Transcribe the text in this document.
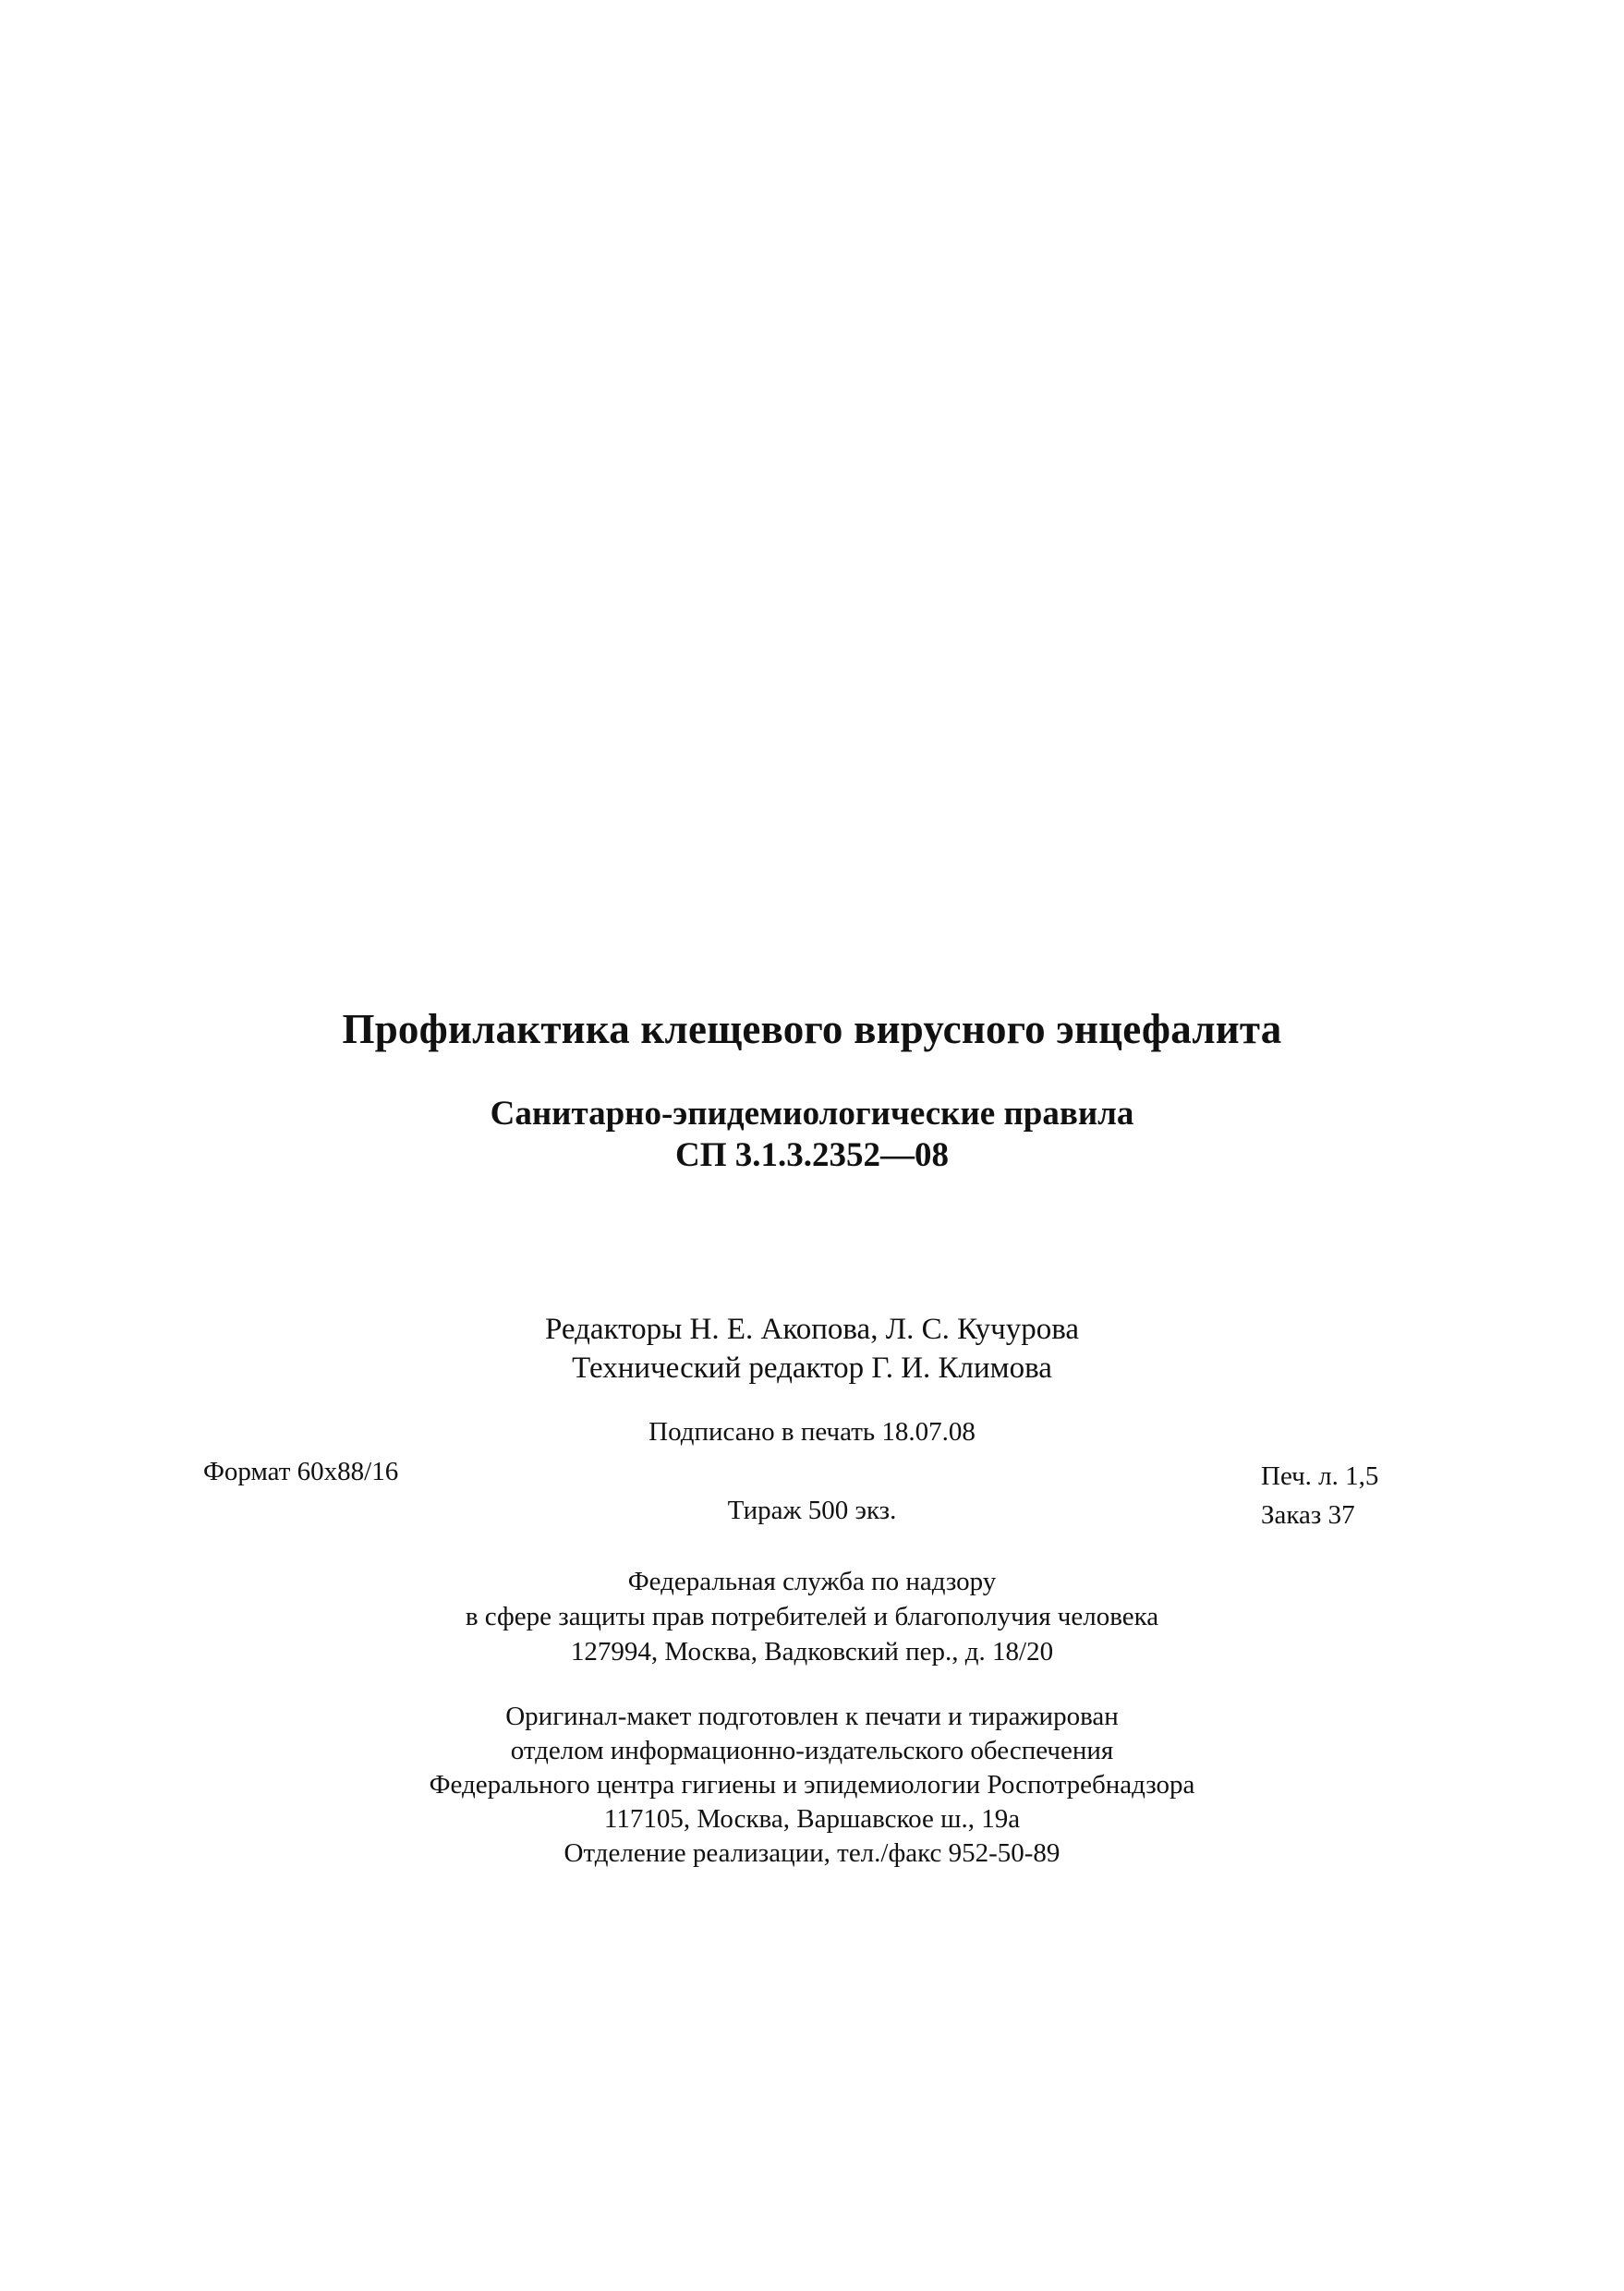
Профилактика клещевого вирусного энцефалита
Санитарно-эпидемиологические правила
СП 3.1.3.2352—08
Редакторы Н. Е. Акопова, Л. С. Кучурова
Технический редактор Г. И. Климова
Подписано в печать 18.07.08
Формат 60x88/16	Печ. л. 1,5
Заказ 37
Тираж 500 экз.
Федеральная служба по надзору
в сфере защиты прав потребителей и благополучия человека
127994, Москва, Вадковский пер., д. 18/20
Оригинал-макет подготовлен к печати и тиражирован
отделом информационно-издательского обеспечения
Федерального центра гигиены и эпидемиологии Роспотребнадзора
117105, Москва, Варшавское ш., 19а
Отделение реализации, тел./факс 952-50-89
